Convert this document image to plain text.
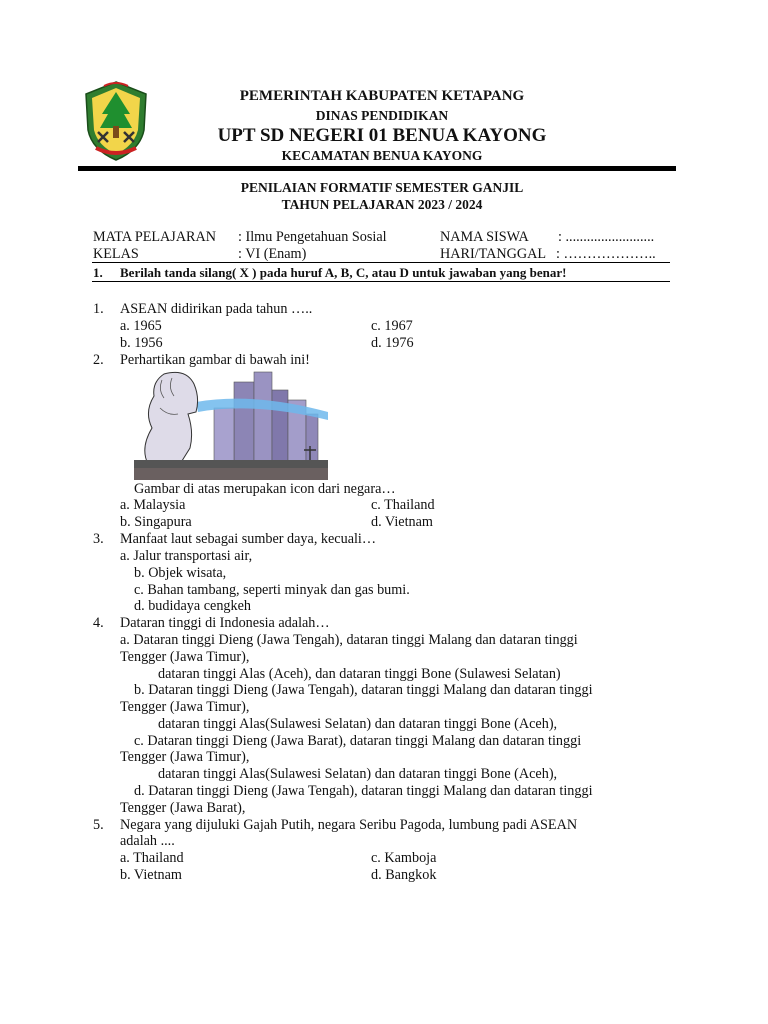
PEMERINTAH KABUPATEN KETAPANG
DINAS PENDIDIKAN
UPT SD NEGERI 01 BENUA KAYONG
KECAMATAN BENUA KAYONG
PENILAIAN FORMATIF SEMESTER GANJIL
TAHUN PELAJARAN 2023 / 2024
MATA PELAJARAN : Ilmu Pengetahuan Sosial	NAMA SISWA : .........................
KELAS	: VI (Enam)	HARI/TANGGAL : ………………..
1. Berilah tanda silang( X ) pada huruf A, B, C, atau D untuk jawaban yang benar!
1. ASEAN didirikan pada tahun …..
a. 1965	c. 1967
b. 1956	d. 1976
2. Perhartikan gambar di bawah ini!
Gambar di atas merupakan icon dari negara…
a. Malaysia	c. Thailand
b. Singapura	d. Vietnam
3. Manfaat laut sebagai sumber daya, kecuali…
a. Jalur transportasi air,
b. Objek wisata,
c. Bahan tambang, seperti minyak dan gas bumi.
d. budidaya cengkeh
4. Dataran tinggi di Indonesia adalah…
a. Dataran tinggi Dieng (Jawa Tengah), dataran tinggi Malang dan dataran tinggi
Tengger (Jawa Timur),
dataran tinggi Alas (Aceh), dan dataran tinggi Bone (Sulawesi Selatan)
b. Dataran tinggi Dieng (Jawa Tengah), dataran tinggi Malang dan dataran tinggi
Tengger (Jawa Timur),
dataran tinggi Alas(Sulawesi Selatan) dan dataran tinggi Bone (Aceh),
c. Dataran tinggi Dieng (Jawa Barat), dataran tinggi Malang dan dataran tinggi
Tengger (Jawa Timur),
dataran tinggi Alas(Sulawesi Selatan) dan dataran tinggi Bone (Aceh),
d. Dataran tinggi Dieng (Jawa Tengah), dataran tinggi Malang dan dataran tinggi
Tengger (Jawa Barat),
5. Negara yang dijuluki Gajah Putih, negara Seribu Pagoda, lumbung padi ASEAN
adalah ....
a. Thailand	c. Kamboja
b. Vietnam	d. Bangkok
